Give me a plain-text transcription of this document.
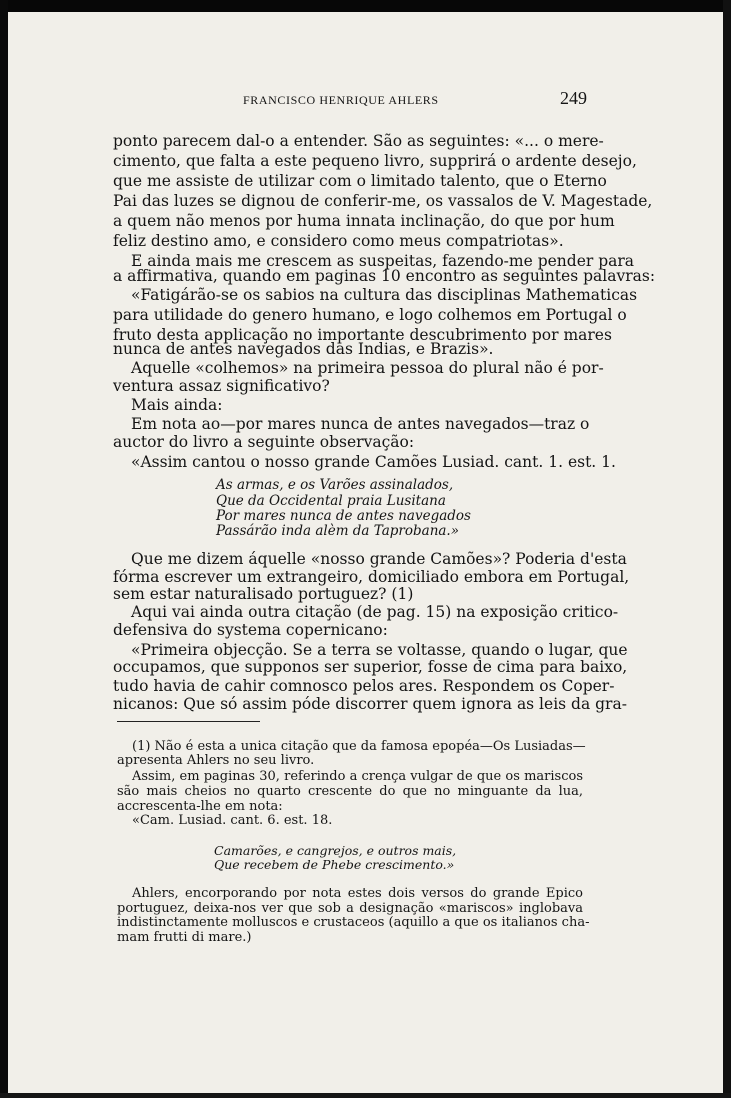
FRANCISCO HENRIQUE AHLERS	249

ponto parecem dal-o a entender. São as seguintes: «... o mere-

cimento, que falta a este pequeno livro, supprirá o ardente desejo,

que me assiste de utilizar com o limitado talento, que o Eterno

Pai das luzes se dignou de conferir-me, os vassalos de V. Magestade,

a quem não menos por huma innata inclinação, do que por hum

feliz destino amo, e considero como meus compatriotas».

E ainda mais me crescem as suspeitas, fazendo-me pender para

a affirmativa, quando em paginas 10 encontro as seguintes palavras:

«Fatigárão-se os sabios na cultura das disciplinas Mathematicas

para utilidade do genero humano, e logo colhemos em Portugal o

fruto desta applicação no importante descubrimento por mares

nunca de antes navegados das Indias, e Brazis».

Aquelle «colhemos» na primeira pessoa do plural não é por-

ventura assaz significativo?

Mais ainda:

Em nota ao—por mares nunca de antes navegados—traz o

auctor do livro a seguinte observação:

«Assim cantou o nosso grande Camões Lusiad. cant. 1. est. 1.

As armas, e os Varões assinalados,

Que da Occidental praia Lusitana

Por mares nunca de antes navegados

Passárão inda alèm da Taprobana.»

Que me dizem áquelle «nosso grande Camões»? Poderia d'esta

fórma escrever um extrangeiro, domiciliado embora em Portugal,

sem estar naturalisado portuguez? (1)

Aqui vai ainda outra citação (de pag. 15) na exposição critico-

defensiva do systema copernicano:

«Primeira objecção. Se a terra se voltasse, quando o lugar, que

occupamos, que supponos ser superior, fosse de cima para baixo,

tudo havia de cahir comnosco pelos ares. Respondem os Coper-

nicanos: Que só assim póde discorrer quem ignora as leis da gra-

(1) Não é esta a unica citação que da famosa epopéa—Os Lusiadas—

apresenta Ahlers no seu livro.

Assim, em paginas 30, referindo a crença vulgar de que os mariscos

são mais cheios no quarto crescente do que no minguante da lua,

accrescenta-lhe em nota:

«Cam. Lusiad. cant. 6. est. 18.

Camarões, e cangrejos, e outros mais,

Que recebem de Phebe crescimento.»

Ahlers, encorporando por nota estes dois versos do grande Epico

portuguez, deixa-nos ver que sob a designação «mariscos» inglobava

indistinctamente molluscos e crustaceos (aquillo a que os italianos cha-

mam frutti di mare.)
